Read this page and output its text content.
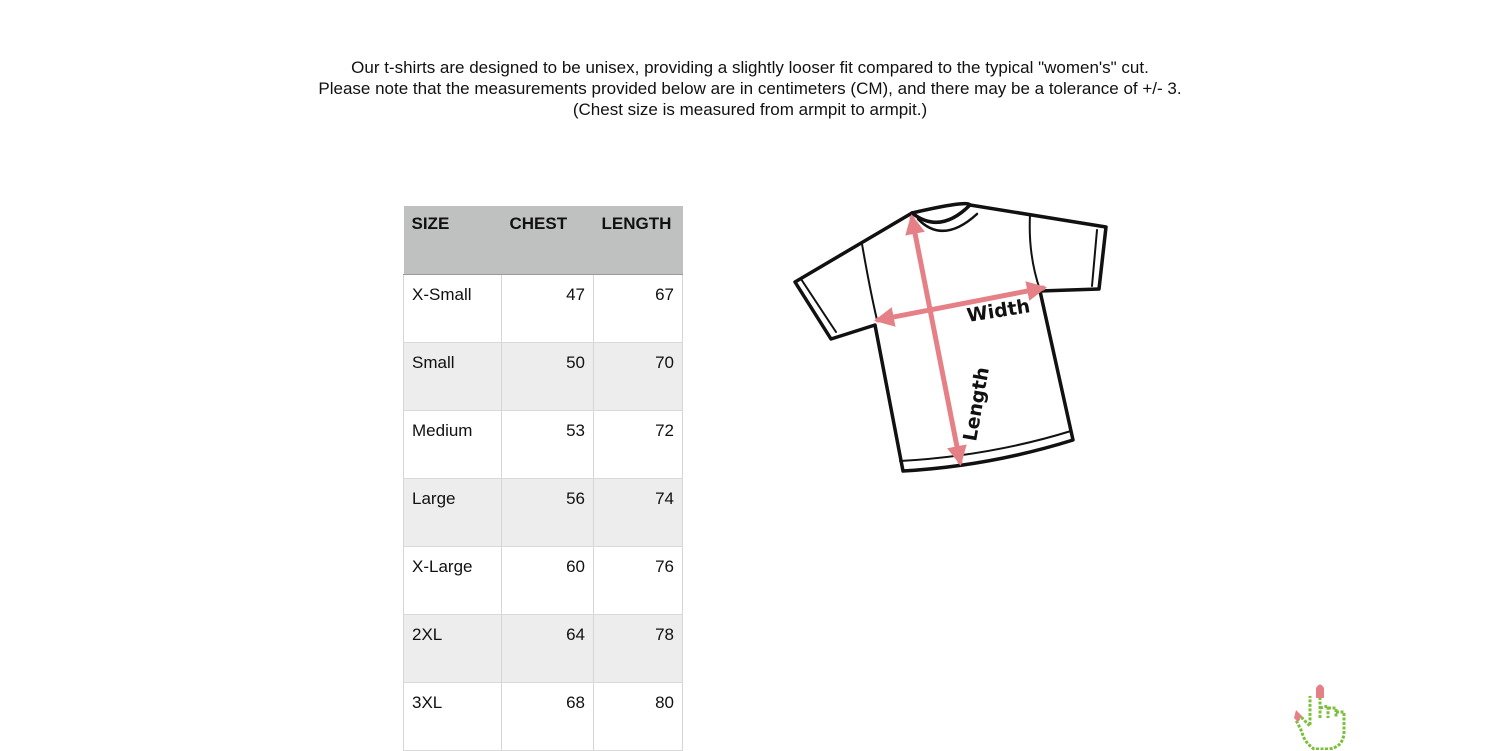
Our t-shirts are designed to be unisex, providing a slightly looser fit compared to the typical "women's" cut.
Please note that the measurements provided below are in centimeters (CM), and there may be a tolerance of +/- 3.
(Chest size is measured from armpit to armpit.)
SIZE	CHEST	LENGTH
X-Small	47	67
Small	50	70
Medium	53	72
Large	56	74
X-Large	60	76
2XL	64	78
3XL	68	80
Width
Length
